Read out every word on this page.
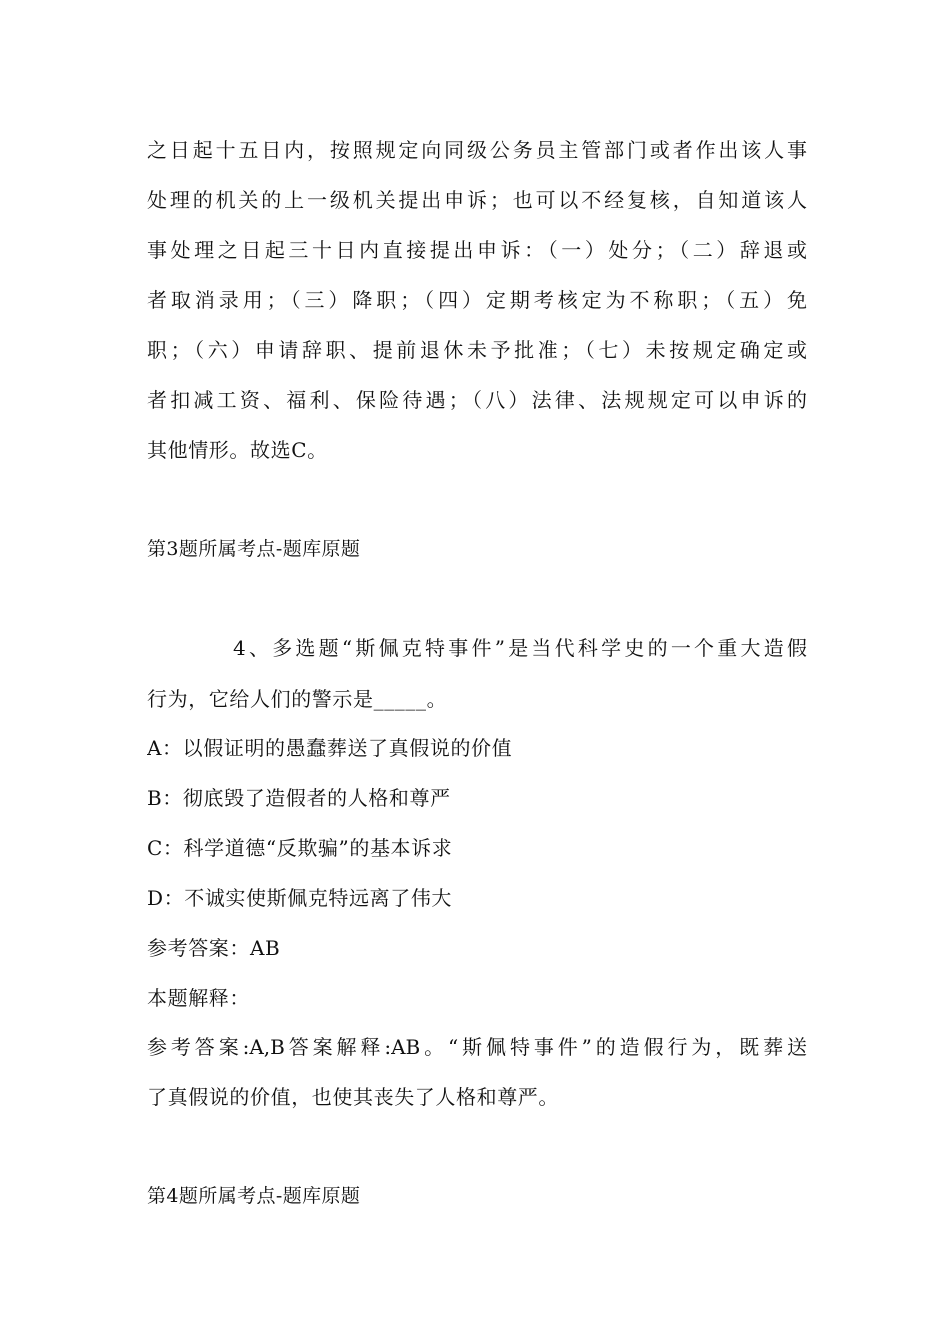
之日起十五日内，按照规定向同级公务员主管部门或者作出该人事
处理的机关的上一级机关提出申诉；也可以不经复核，自知道该人
事处理之日起三十日内直接提出申诉：（一）处分；（二）辞退或
者取消录用；（三）降职；（四）定期考核定为不称职；（五）免
职；（六）申请辞职、提前退休未予批准；（七）未按规定确定或
者扣减工资、福利、保险待遇；（八）法律、法规规定可以申诉的
其他情形。故选C。
第3题所属考点-题库原题
4、多选题“斯佩克特事件”是当代科学史的一个重大造假
行为，它给人们的警示是_____。
A：以假证明的愚蠢葬送了真假说的价值
B：彻底毁了造假者的人格和尊严
C：科学道德“反欺骗”的基本诉求
D：不诚实使斯佩克特远离了伟大
参考答案：AB
本题解释：
参考答案:A,B答案解释:AB。“斯佩特事件”的造假行为，既葬送
了真假说的价值，也使其丧失了人格和尊严。
第4题所属考点-题库原题
